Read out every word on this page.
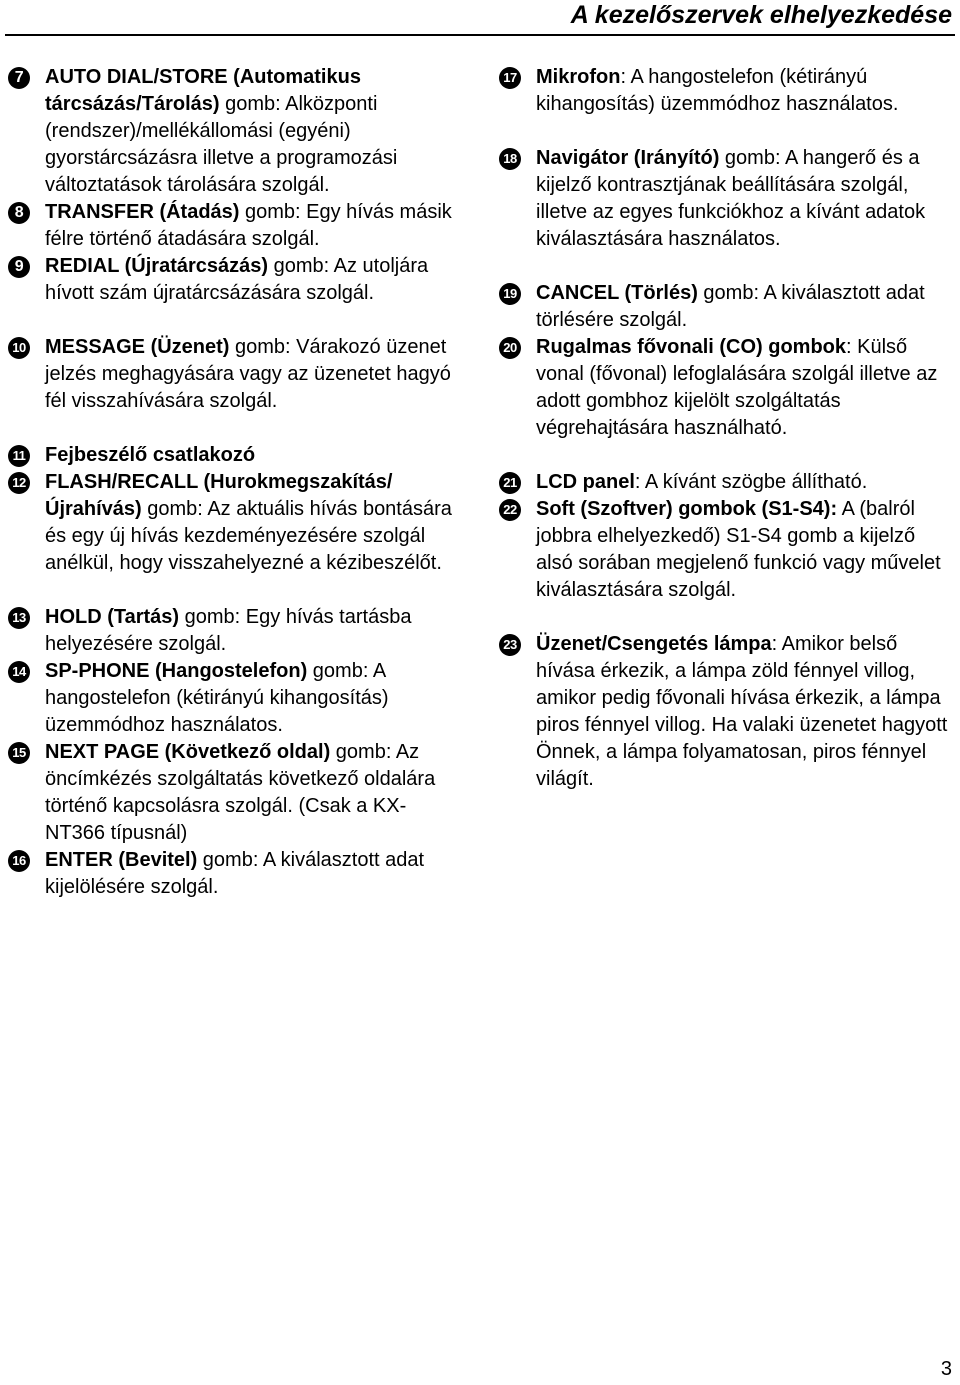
A kezelőszervek elhelyezkedése
7	AUTO DIAL/STORE (Automatikus tárcsázás/Tárolás) gomb: Alközponti (rendszer)/mellékállomási (egyéni) gyorstárcsázásra illetve a programozási változtatások tárolására szolgál.
8	TRANSFER (Átadás) gomb: Egy hívás másik félre történő átadására szolgál.
9	REDIAL (Újratárcsázás) gomb: Az utoljára hívott szám újratárcsázására szolgál.
10 MESSAGE (Üzenet) gomb: Várakozó üzenet jelzés meghagyására vagy az üzenetet hagyó fél visszahívására szolgál.
11 Fejbeszélő csatlakozó
12 FLASH/RECALL (Hurokmegszakítás/ Újrahívás) gomb: Az aktuális hívás bontására és egy új hívás kezdeményezésére szolgál anélkül, hogy visszahelyezné a kézibeszélőt.
13 HOLD (Tartás) gomb: Egy hívás tartásba helyezésére szolgál.
14 SP-PHONE (Hangostelefon) gomb: A hangostelefon (kétirányú kihangosítás) üzemmódhoz használatos.
15 NEXT PAGE (Következő oldal) gomb: Az öncímkézés szolgáltatás következő oldalára történő kapcsolásra szolgál. (Csak a KX-NT366 típusnál)
16 ENTER (Bevitel) gomb: A kiválasztott adat kijelölésére szolgál.
17 Mikrofon: A hangostelefon (kétirányú kihangosítás) üzemmódhoz használatos.
18 Navigátor (Irányító) gomb: A hangerő és a kijelző kontrasztjának beállítására szolgál, illetve az egyes funkciókhoz a kívánt adatok kiválasztására használatos.
19 CANCEL (Törlés) gomb: A kiválasztott adat törlésére szolgál.
20 Rugalmas fővonali (CO) gombok: Külső vonal (fővonal) lefoglalására szolgál illetve az adott gombhoz kijelölt szolgáltatás végrehajtására használható.
21 LCD panel: A kívánt szögbe állítható.
22 Soft (Szoftver) gombok (S1-S4): A (balról jobbra elhelyezkedő) S1-S4 gomb a kijelző alsó sorában megjelenő funkció vagy művelet kiválasztására szolgál.
23 Üzenet/Csengetés lámpa: Amikor belső hívása érkezik, a lámpa zöld fénnyel villog, amikor pedig fővonali hívása érkezik, a lámpa piros fénnyel villog. Ha valaki üzenetet hagyott Önnek, a lámpa folyamatosan, piros fénnyel világít.
3
